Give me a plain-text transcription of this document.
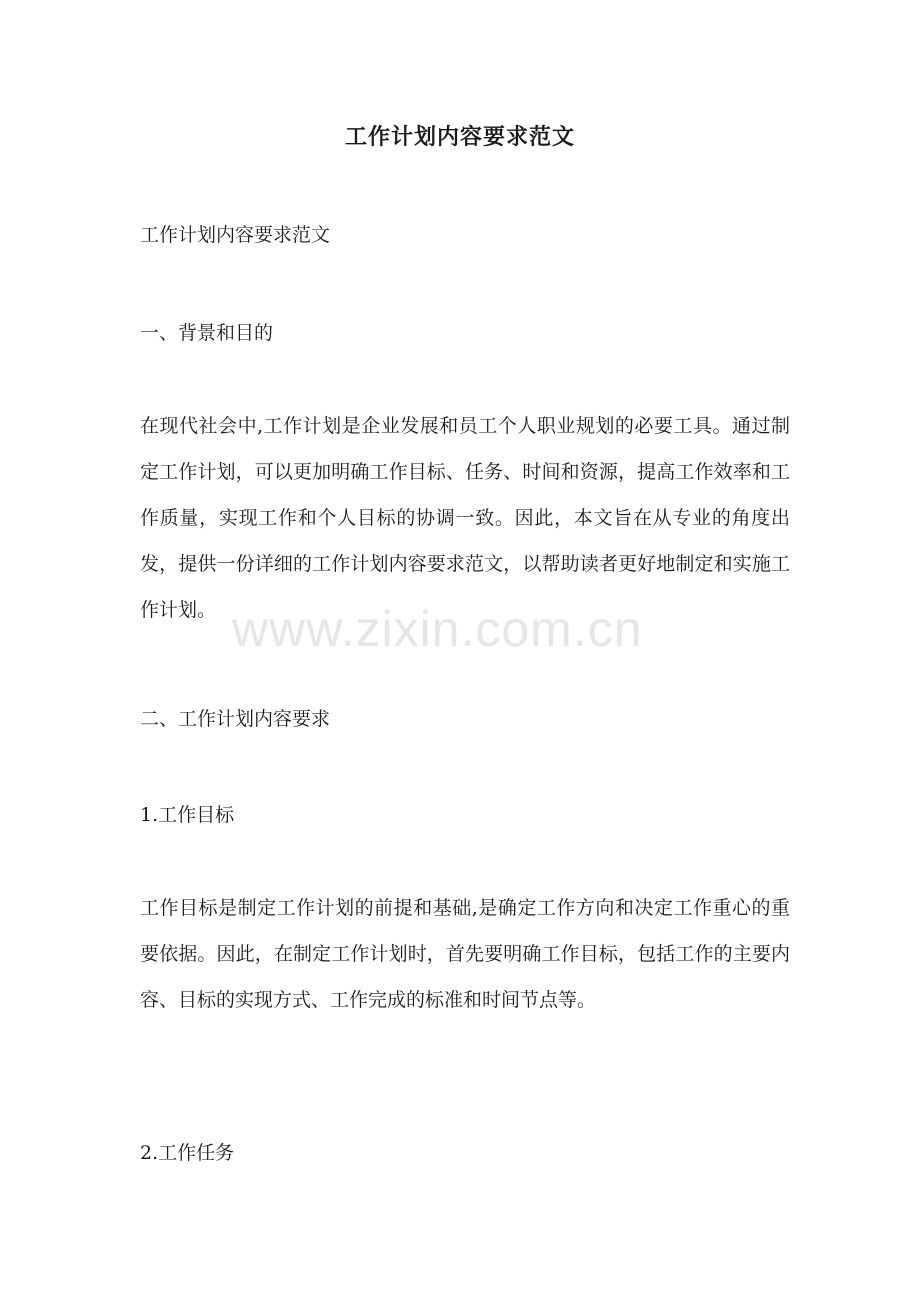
工作计划内容要求范文
工作计划内容要求范文
一、背景和目的
在现代社会中,工作计划是企业发展和员工个人职业规划的必要工具。通过制定工作计划，可以更加明确工作目标、任务、时间和资源，提高工作效率和工作质量，实现工作和个人目标的协调一致。因此，本文旨在从专业的角度出发，提供一份详细的工作计划内容要求范文，以帮助读者更好地制定和实施工作计划。
二、工作计划内容要求
1.工作目标
工作目标是制定工作计划的前提和基础,是确定工作方向和决定工作重心的重要依据。因此，在制定工作计划时，首先要明确工作目标，包括工作的主要内容、目标的实现方式、工作完成的标准和时间节点等。
2.工作任务
www.zixin.com.cn
